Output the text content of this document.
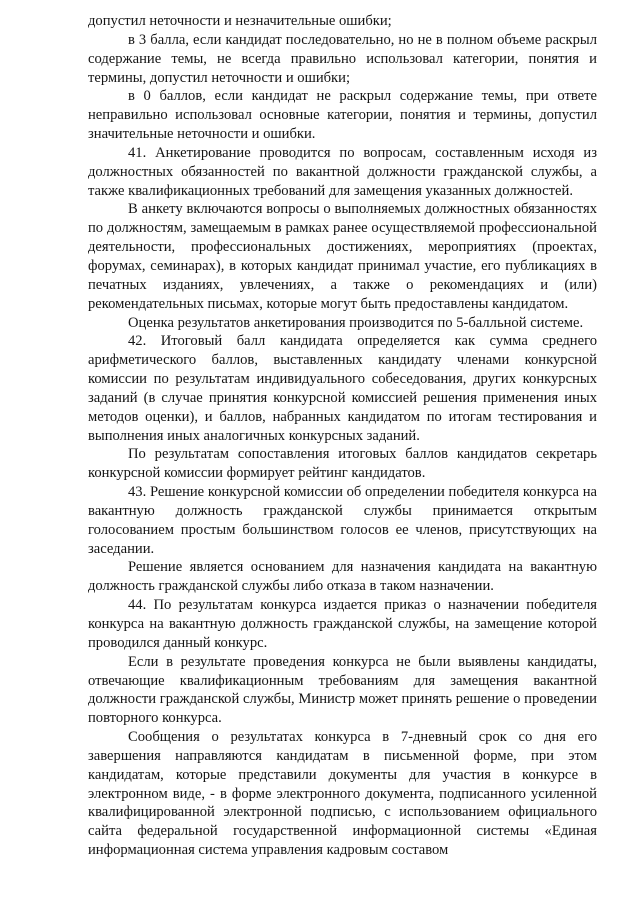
допустил неточности и незначительные ошибки;

в 3 балла, если кандидат последовательно, но не в полном объеме раскрыл содержание темы, не всегда правильно использовал категории, понятия и термины, допустил неточности и ошибки;

в 0 баллов, если кандидат не раскрыл содержание темы, при ответе неправильно использовал основные категории, понятия и термины, допустил значительные неточности и ошибки.

41. Анкетирование проводится по вопросам, составленным исходя из должностных обязанностей по вакантной должности гражданской службы, а также квалификационных требований для замещения указанных должностей.

В анкету включаются вопросы о выполняемых должностных обязанностях по должностям, замещаемым в рамках ранее осуществляемой профессиональной деятельности, профессиональных достижениях, мероприятиях (проектах, форумах, семинарах), в которых кандидат принимал участие, его публикациях в печатных изданиях, увлечениях, а также о рекомендациях и (или) рекомендательных письмах, которые могут быть предоставлены кандидатом.

Оценка результатов анкетирования производится по 5-балльной системе.

42. Итоговый балл кандидата определяется как сумма среднего арифметического баллов, выставленных кандидату членами конкурсной комиссии по результатам индивидуального собеседования, других конкурсных заданий (в случае принятия конкурсной комиссией решения применения иных методов оценки), и баллов, набранных кандидатом по итогам тестирования и выполнения иных аналогичных конкурсных заданий.

По результатам сопоставления итоговых баллов кандидатов секретарь конкурсной комиссии формирует рейтинг кандидатов.

43. Решение конкурсной комиссии об определении победителя конкурса на вакантную должность гражданской службы принимается открытым голосованием простым большинством голосов ее членов, присутствующих на заседании.

Решение является основанием для назначения кандидата на вакантную должность гражданской службы либо отказа в таком назначении.

44. По результатам конкурса издается приказ о назначении победителя конкурса на вакантную должность гражданской службы, на замещение которой проводился данный конкурс.

Если в результате проведения конкурса не были выявлены кандидаты, отвечающие квалификационным требованиям для замещения вакантной должности гражданской службы, Министр может принять решение о проведении повторного конкурса.

Сообщения о результатах конкурса в 7-дневный срок со дня его завершения направляются кандидатам в письменной форме, при этом кандидатам, которые представили документы для участия в конкурсе в электронном виде, - в форме электронного документа, подписанного усиленной квалифицированной электронной подписью, с использованием официального сайта федеральной государственной информационной системы «Единая информационная система управления кадровым составом
